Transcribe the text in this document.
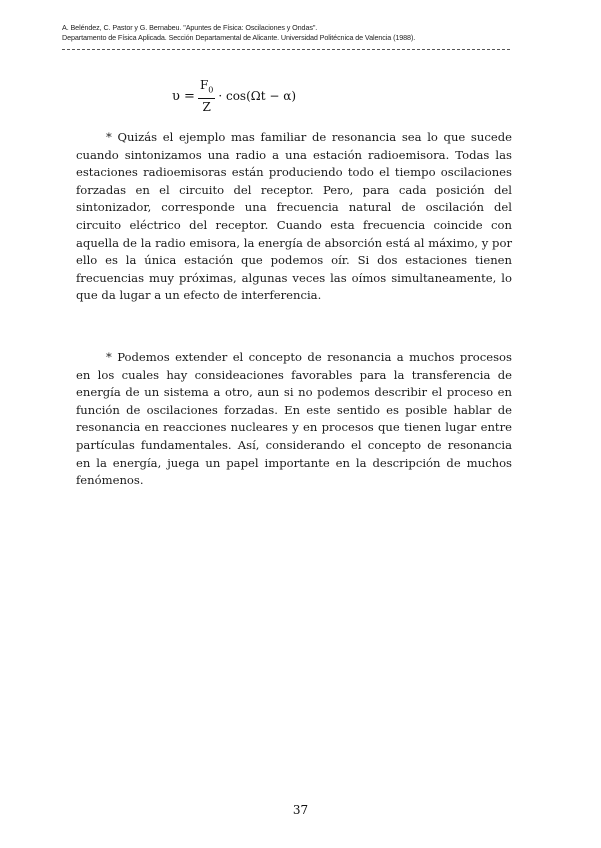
A. Beléndez, C. Pastor y G. Bernabeu. "Apuntes de Física: Oscilaciones y Ondas".
Departamento de Física Aplicada. Sección Departamental de Alicante. Universidad Politécnica de Valencia (1988).
$\upsilon = \frac{F_0}{Z} \cdot \cos(\Omega t - \alpha)$

* Quizás el ejemplo mas familiar de resonancia sea lo que sucede cuando sintonizamos una radio a una estación radioemisora. Todas las estaciones radioemisoras están produciendo todo el tiempo oscilaciones forzadas en el circuito del receptor. Pero, para cada posición del sintonizador, corresponde una frecuencia natural de oscilación del circuito eléctrico del receptor. Cuando esta frecuencia coincide con aquella de la radio emisora, la energía de absorción está al máximo, y por ello es la única estación que podemos oír. Si dos estaciones tienen frecuencias muy próximas, algunas veces las oímos simultaneamente, lo que da lugar a un efecto de interferencia.

* Podemos extender el concepto de resonancia a muchos procesos en los cuales hay consideaciones favorables para la transferencia de energía de un sistema a otro, aun si no podemos describir el proceso en función de oscilaciones forzadas. En este sentido es posible hablar de resonancia en reacciones nucleares y en procesos que tienen lugar entre partículas fundamentales. Así, considerando el concepto de resonancia en la energía, juega un papel importante en la descripción de muchos fenómenos.

37
